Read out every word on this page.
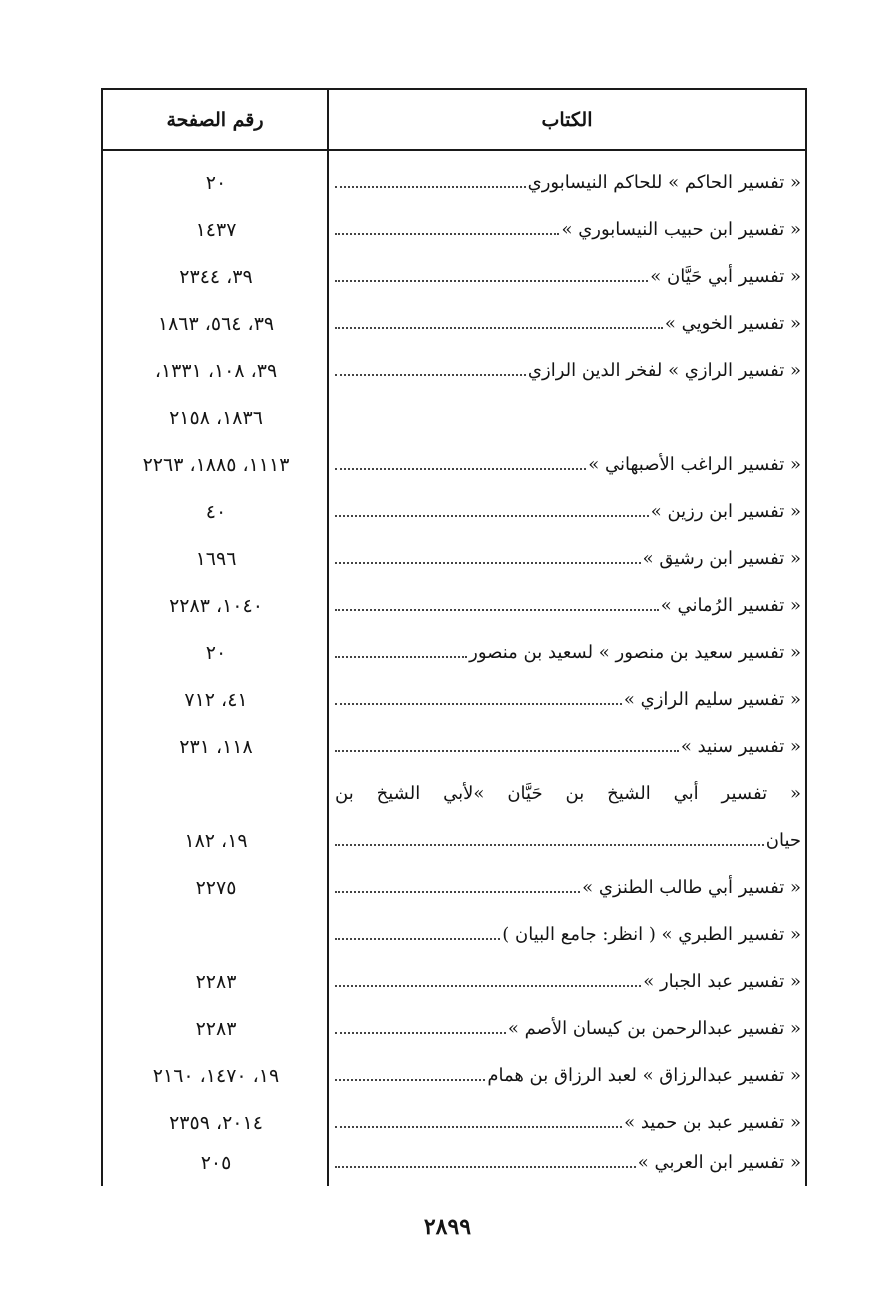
رقم الصفحة	الكتاب
٢٠	« تفسير الحاكم » للحاكم النيسابوري
١٤٣٧	« تفسير ابن حبيب النيسابوري »
٣٩، ٢٣٤٤	« تفسير أبي حَيَّان »
٣٩، ٥٦٤، ١٨٦٣	« تفسير الخويي »
٣٩، ١٠٨، ١٣٣١،	« تفسير الرازي » لفخر الدين الرازي
١٨٣٦، ٢١٥٨
١١١٣، ١٨٨٥، ٢٢٦٣	« تفسير الراغب الأصبهاني »
٤٠	« تفسير ابن رزين »
١٦٩٦	« تفسير ابن رشيق »
١٠٤٠، ٢٢٨٣	« تفسير الرُماني »
٢٠	« تفسير سعيد بن منصور » لسعيد بن منصور
٤١، ٧١٢	« تفسير سليم الرازي »
١١٨، ٢٣١	« تفسير سنيد »
« تفسير أبي الشيخ بن حَيَّان »لأبي الشيخ بن
١٩، ١٨٢	حيان
٢٢٧٥	« تفسير أبي طالب الطنزي »
« تفسير الطبري » ( انظر: جامع البيان )
٢٢٨٣	« تفسير عبد الجبار »
٢٢٨٣	« تفسير عبدالرحمن بن كيسان الأصم »
١٩، ١٤٧٠، ٢١٦٠	« تفسير عبدالرزاق » لعبد الرزاق بن همام
٢٠١٤، ٢٣٥٩	« تفسير عبد بن حميد »
٢٠٥	« تفسير ابن العربي »
٢٨٩٩
